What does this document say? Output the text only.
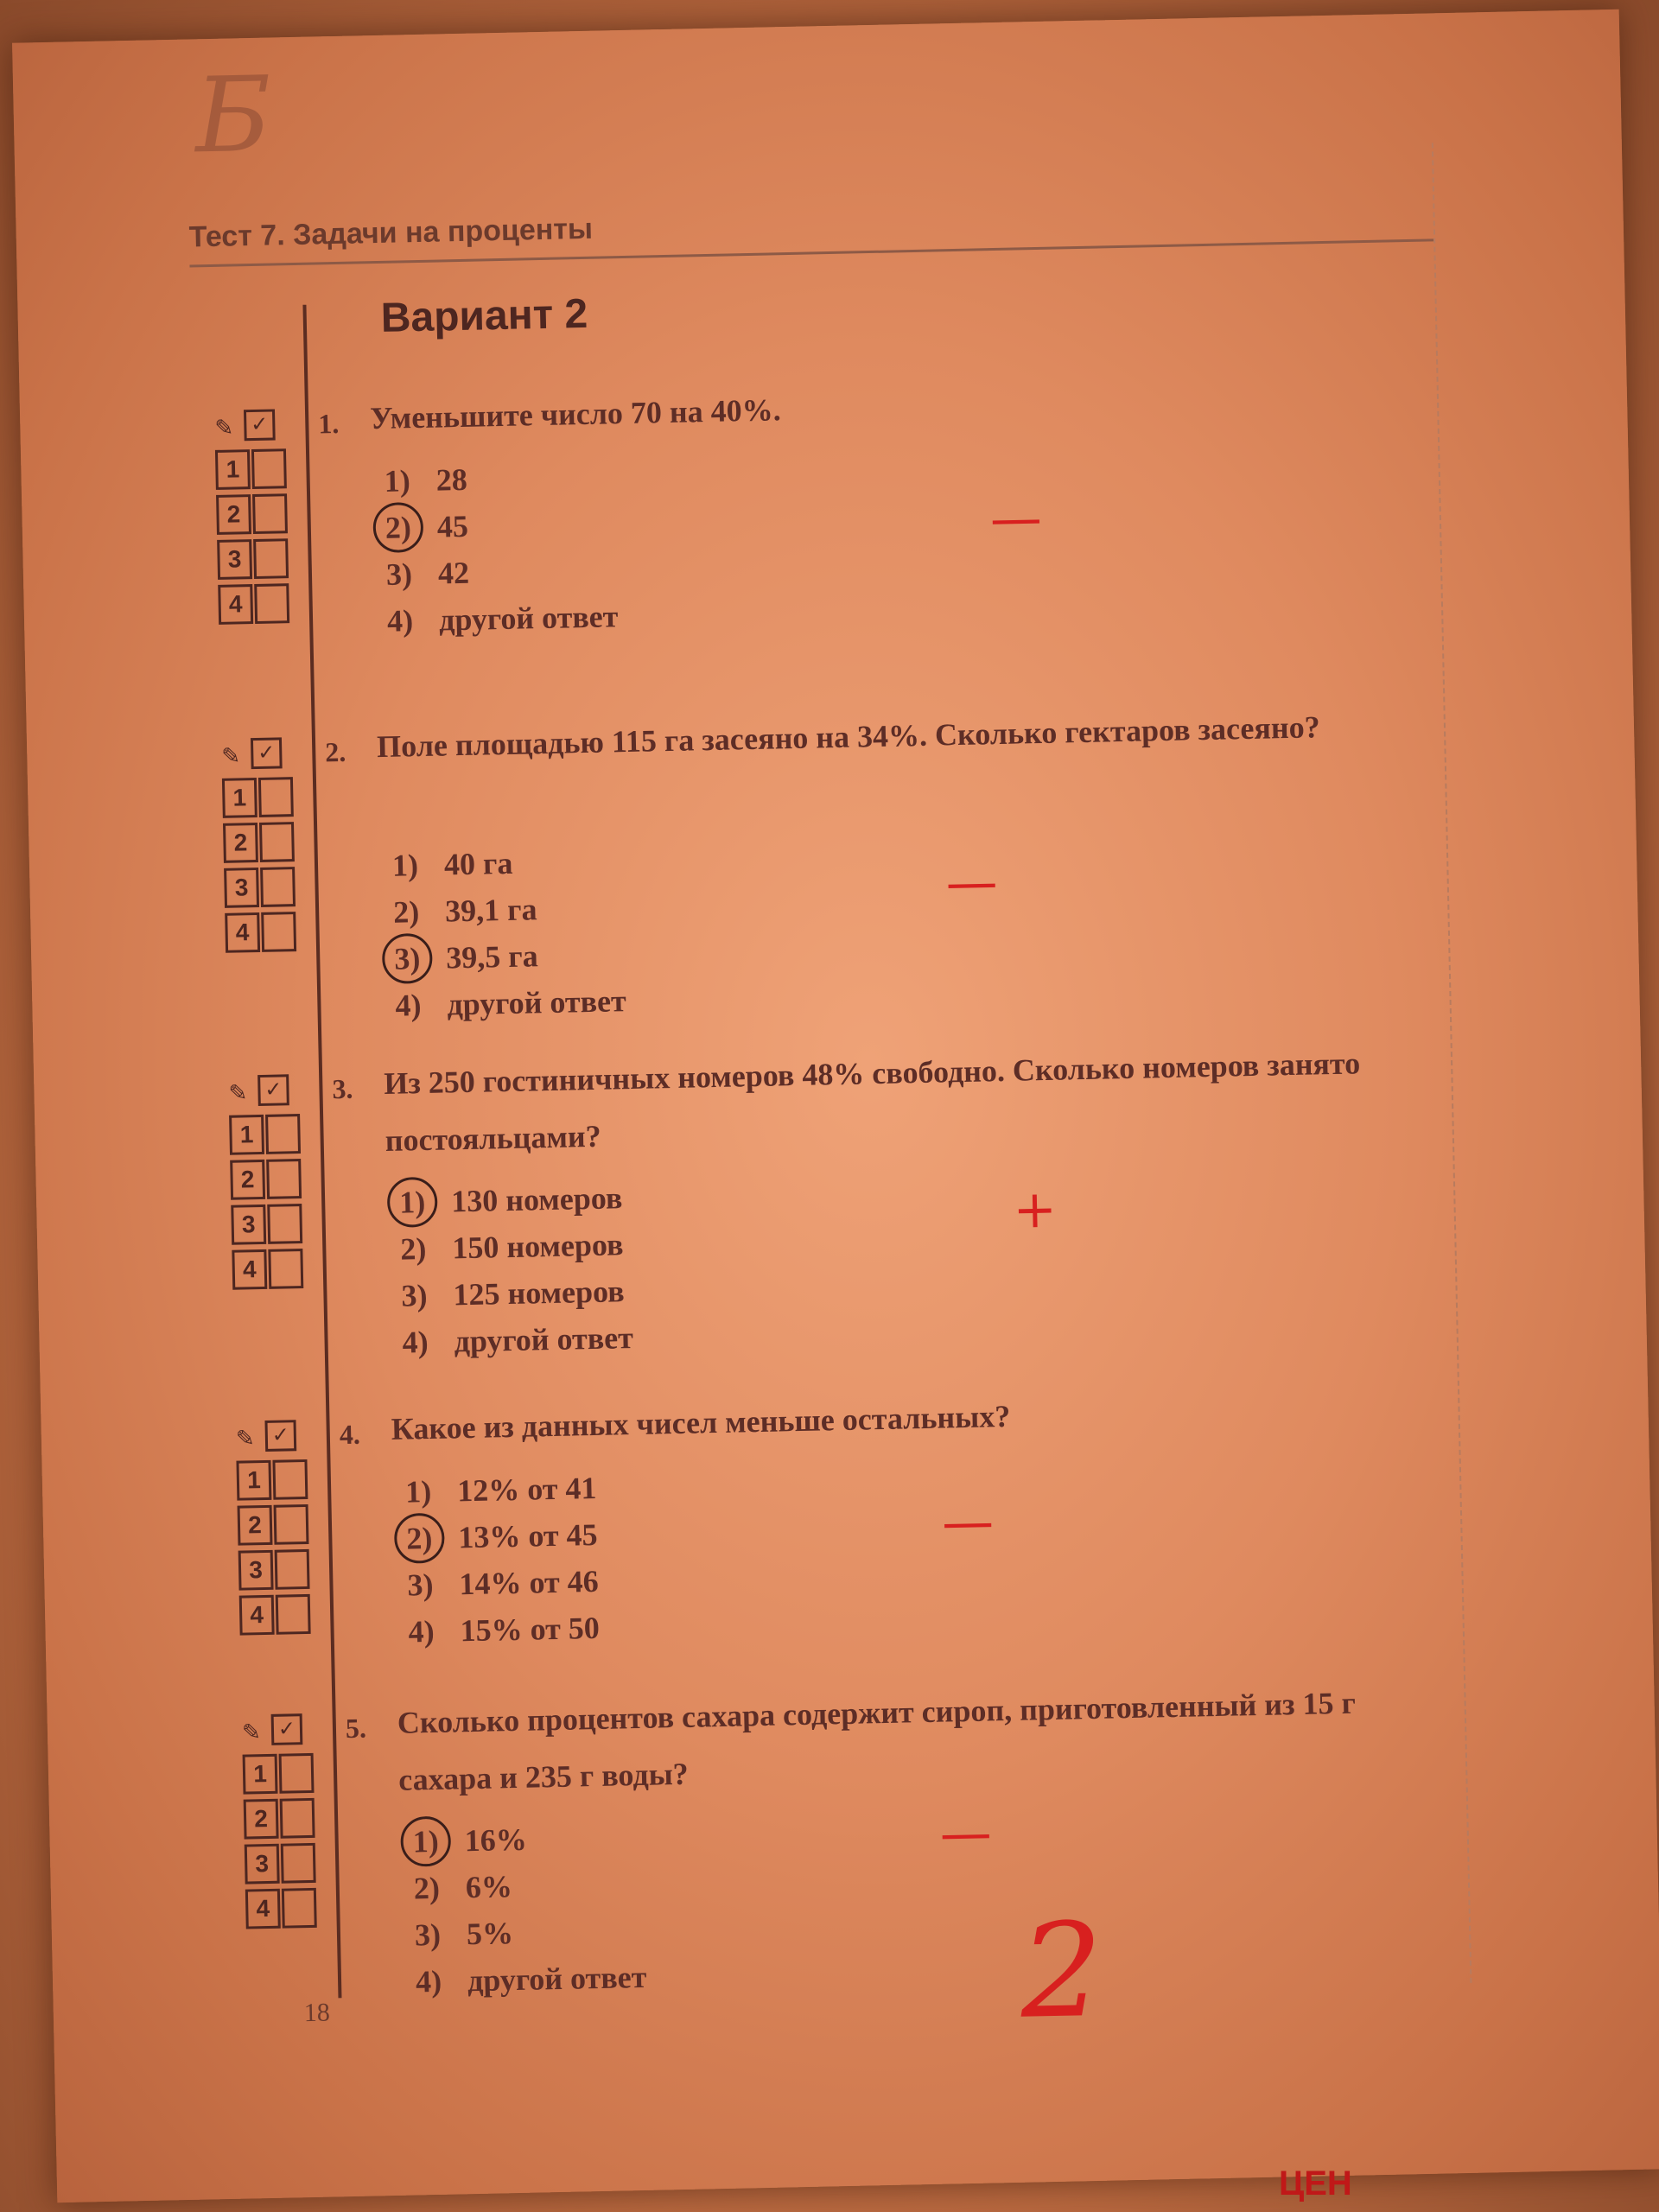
Б
Тест 7. Задачи на проценты
Вариант 2
1. Уменьшите число 70 на 40%.
1) 28
2) 45
3) 42
4) другой ответ
✎ ✓
1
2
3
4
—
2. Поле площадью 115 га засеяно на 34%. Сколько гектаров засеяно?
1) 40 га
2) 39,1 га
3) 39,5 га
4) другой ответ
✎ ✓
1
2
3
4
—
3. Из 250 гостиничных номеров 48% свободно. Сколько номеров занято постояльцами?
1) 130 номеров
2) 150 номеров
3) 125 номеров
4) другой ответ
✎ ✓
1
2
3
4
+
4. Какое из данных чисел меньше остальных?
1) 12% от 41
2) 13% от 45
3) 14% от 46
4) 15% от 50
✎ ✓
1
2
3
4
—
5. Сколько процентов сахара содержит сироп, приготовленный из 15 г сахара и 235 г воды?
1) 16%
2) 6%
3) 5%
4) другой ответ
✎ ✓
1
2
3
4
—
2
18
ЦЕН
